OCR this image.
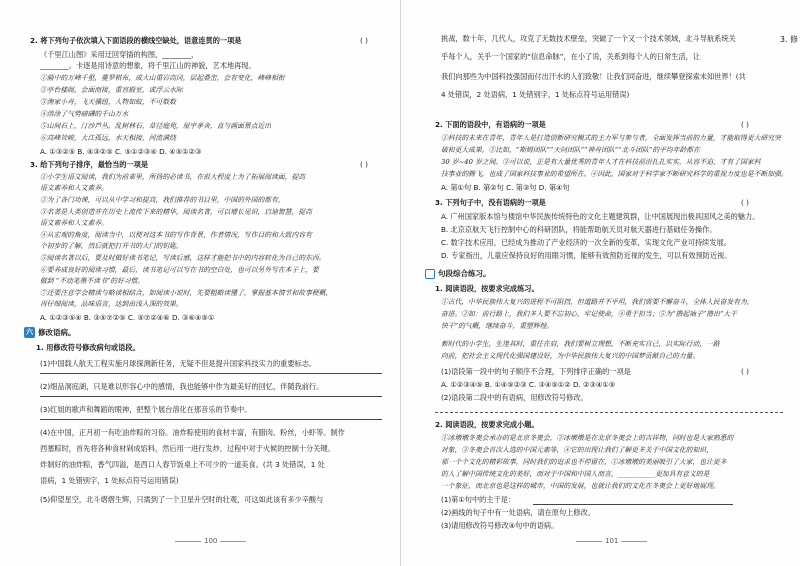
2. 将下列句子依次填入下面语段的横线空缺处，语意连贯的一项是	( )
《千里江山图》采用迂回穿插的构图，________，
________。卡逐是用诗意的想象，将千里江山的神貌，艺术地再现。
①画中的万峰千壑，蔓罗棋布，成大山重岩高冈，层起叠峦，会有变化，峰峰相衔
②亭台楼阁，会面而接，重宫殿室，或浮云水际
③渔家小舟，飞天骥纽，人物如蚁，不可数数
④溶涂了气势磅礴的千山万水
⑤山间石上，汀沙芦丛，乱树林石，草径庭苑，屋宇茅舍，直与画面景点近出
⑥高峰耸峻，大江孤远，水天相接，河流满绕
A. ①③②⑤ B. ④③②⑤ C. ⑤①②③④ D. ④⑤①②③
3. 给下列句子排序，最恰当的一项是	( )
①小学生语文阅读，我们为前辈里，所扬的必读书，在很大程度上为了拓展阅读面，提高
语文素养和人文素养。
②为了各门功课，可以从中学习和提高，我们推荐的书目里，中国的外国的都有，
③名著是人类创造并在历史上流传下来的精华，阅读名著，可以增长见识，启迪智慧，提高
语文素养和人文素养。
④从宏观的角度，阅读当中，以便对这本书的写作背景，作者情况，写作目的和大致内容有
个初步的了解，然后就把打开书的大门的钥匙。
⑤阅读名著以后，要及时做好读书笔记，写读后感，这样才能把书中的内容转化为自己的东西。
⑥要养成良好的阅读习惯，最后，读书笔记可以写在书的空白处，也可以另外写在本子上，要
做到 “不动笔墨不读书”的好习惯。
⑦还要注意学会精读与略读相结合，如阅读小说时，先要粗略读懂了，掌握基本情节和故事梗概，
再仔细阅读，品味语言，达到由浅入深的效果。
A. ①②③⑤④ B. ③⑤⑦②⑤ C. ⑤⑦②④⑥ D. ③⑥④⑤①
六 修改语病。
1. 用修改符号修改病句或语段。
(1)中国载人航天工程实施月球探测新任务，无疑不但是提升国家科技实力的重要标志。
(2)细品洞庭湖，只是难以形容心中的感情，我也能够中作为最美好的回忆，伴随我前行。
(3)红姐的歌声和舞蹈的眼神，把整个展台溶化在那音乐的节奏中。
(4)在中国，正月初一有吃油炸粽的习俗。油炸粽使用的食材丰富，有腊肉、粉丝，小虾等。制作
西塞粽时，首先将各种食材剁成馅料，然后用一进行发炒，过程中对于火候的控制十分关键。
炸制好的油炸粽，香气四溢，是西口人春节饭桌上不可少的一道美食。(共 3 处错误，1 处
语病，1 处错别字，1 处标点符号运用错误)
(5)仰望星空，北斗熠熠生辉，只需到了一个卫星升空时的壮观，可这如此该有多少辛酸与
100
挑战，数十年，几代人，攻克了无数技术壁垒，突破了一个又一个技术领域，北斗导航系统关
乎每个人，关乎一个国家的“信息命脉”，在小了说，关系到每个人的日常生活，让
我们向那些为中国科技强国而付出汗水的人们致敬！让我们同奋进，继续攀登探索未知世界！(共
4 处错误，2 处语病，1 处错别字，1 处标点符号运用错误)
2. 下面的语段中，有语病的一项是	( )
①科技的未来在青年，青年人是打造创新研究模式的主力军与参与者，全面发挥当前的力量，才能取得更大研究突
破和更大成果。②比如，“斯姆团队”“天问团队”“神舟团队”“北斗团队”的平均年龄都在
30 岁~40 岁之间。③可以说，正是有大量优秀的青年人才在科技前沿扎扎实实，从容不迫，才有了国家科
技事业的腾飞，也成了国家科技事业的希望所在。④因此，国家对于科学家不断研究科学的重视力度也是不断加强。
A. 第①句 B. 第②句 C. 第③句 D. 第④句
3. 下列句子中，没有语病的一项是	( )
A. 广州国家版本馆与楼馆中华民族传统特色的文化主题建筑群，让中国展现出极具国风之美的魅力。
B. 北京京航天飞行控制中心的科研团队，将能帮助航天员对航天器进行基础任务操作。
C. 数字技术应用，已经成为推动了产业经济的一次全新的变革，实现文化产业可持续发展。
D. 专家指出，儿童应保持良好的用眼习惯，能够有效预防近视的发生，可以有效预防近视。
句段综合练习。
1. 阅读语段，按要求完成练习。
①古代，中华民族伟大复兴的进程不可阻挡，但道路并不平坦，我们需要不懈奋斗，全体人民奋发有为，
奋进。②如：前行路上，我们多人要不忘初心，牢记使命，④勇于担当；⑤为“撸起袖子”撸出“大干
快干”的气概，继续奋斗，重塑辉煌。
新时代的小学生，生逢其时，重任在肩，我们要树立理想，不断充实自己，以实际行动，一路
向前，把社会主义现代化强国建设好，为中华民族伟大复兴的中国梦贡献自己的力量。
(1)语段第一段中的句子顺序不合理，下列排序正确的一项是	( )
A. ①②③④⑤ B. ①④⑤②③ C. ③④⑤①② D. ②③④①⑤
(2)语段第二段中的有语病，用修改符号修改。
2. 阅读语段，按要求完成小题。
①冰墩墩冬奥会承办的是北京冬奥会，②冰墩墩是在北京冬奥会上的吉祥物，同时也是大家熟悉的
对象，③冬奥会首次入选的中国元素等，④它的出现让我们了解更多关于中国文化的知识，
那一个个文化的精彩故事，同时我们的追求也不停留在，①冰墩墩的美丽吸引了大家，也让更多
的人了解中国传统文化的美好，而对于中国和中国人而言，___________更加具有意义的是
一个象征，而北京也是这样的城市，中国的发展，也就让我们的文化在冬奥会上更好地展现。
(1)第①句中的主干是：
(2)画线的句子中有一处语病，请在原句上修改。
(3)请用修改符号修改④句中的语病。
101
3. 修
